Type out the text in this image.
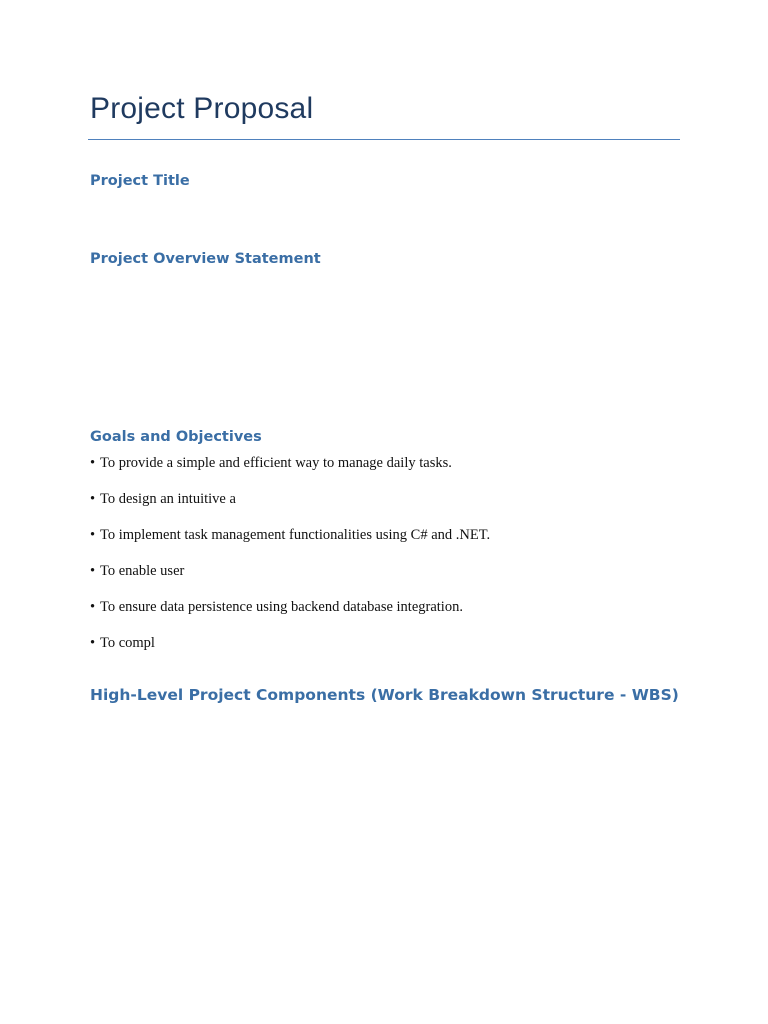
Project Proposal
Project Title
Project Overview Statement
Goals and Objectives
• To provide a simple and efficient way to manage daily tasks.
• To design an intuitive a
• To implement task management functionalities using C# and .NET.
• To enable user
• To ensure data persistence using backend database integration.
• To compl
High-Level Project Components (Work Breakdown Structure - WBS)
